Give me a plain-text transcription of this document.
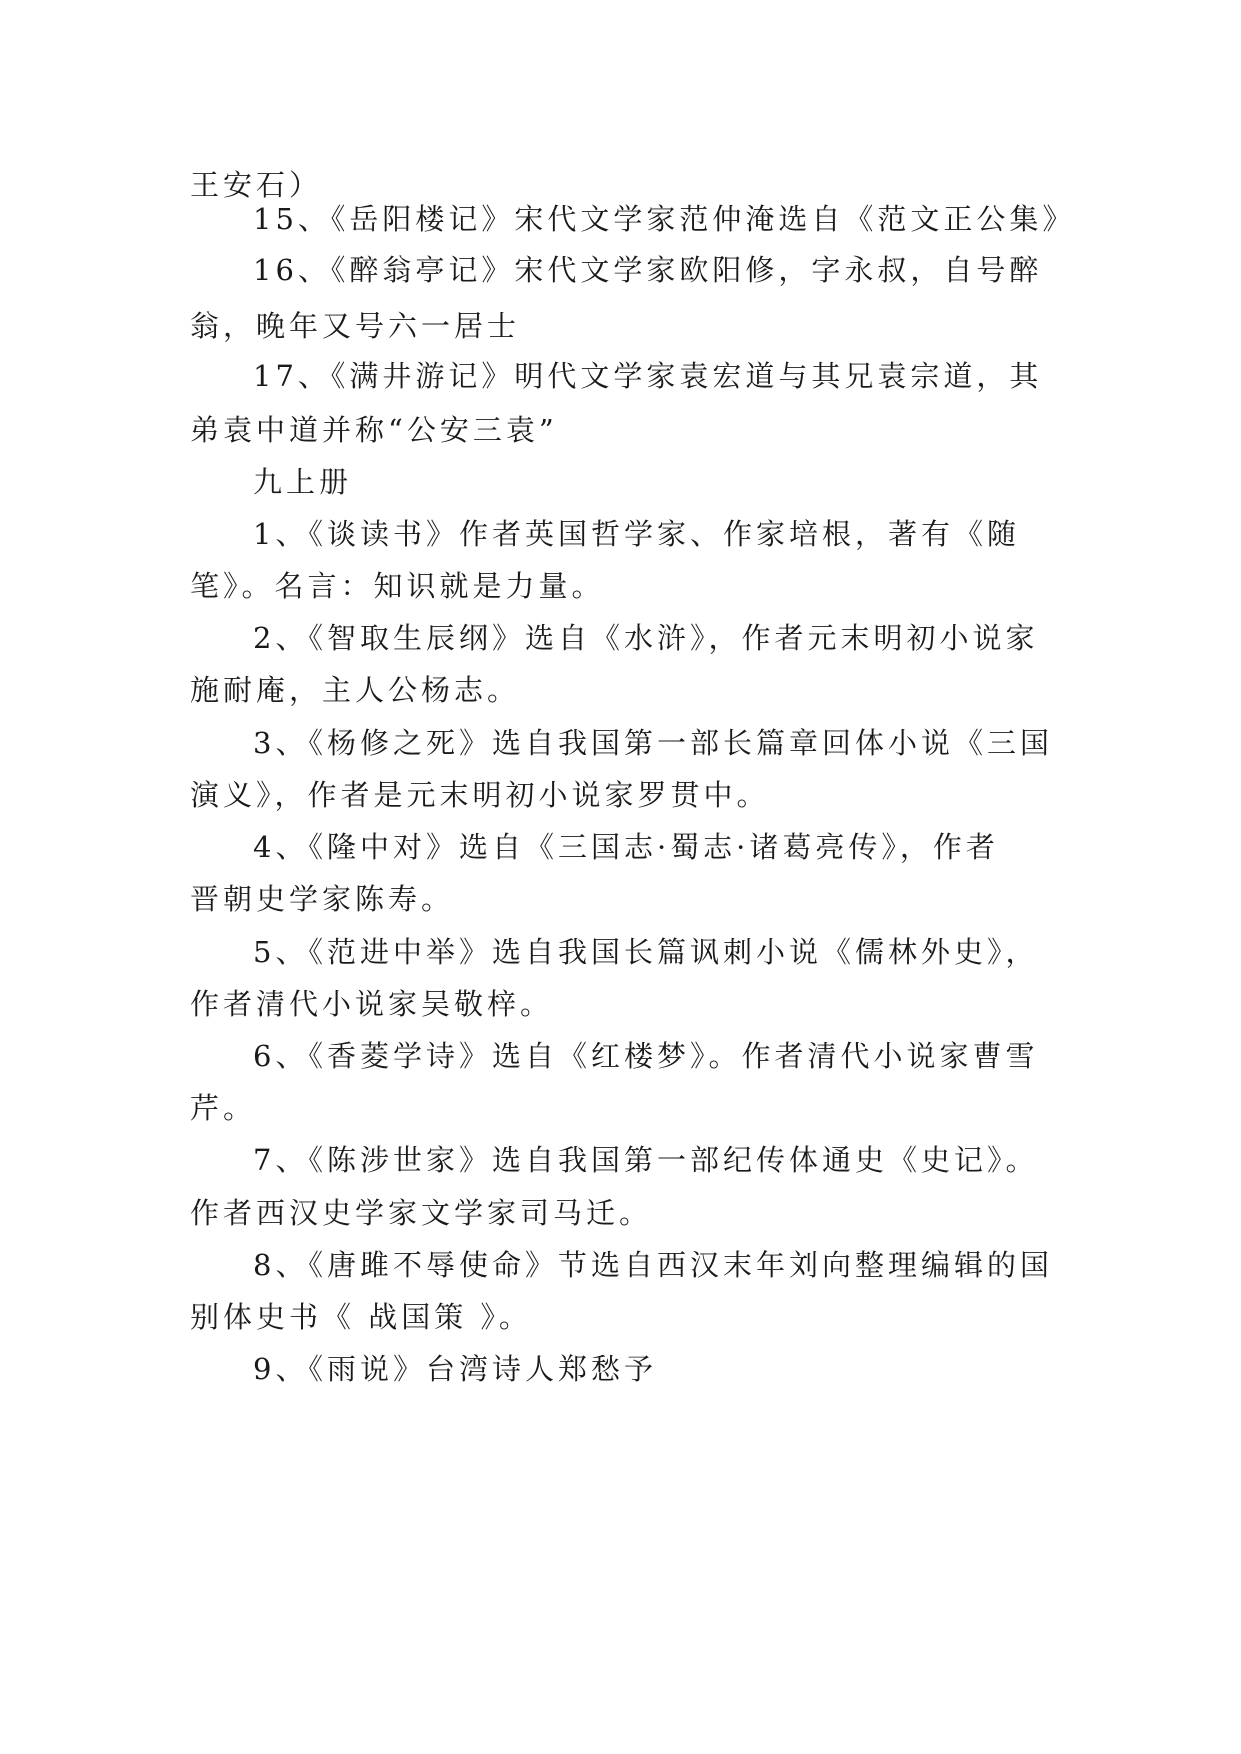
王安石）
15、《岳阳楼记》宋代文学家范仲淹选自《范文正公集》
16、《醉翁亭记》宋代文学家欧阳修，字永叔，自号醉
翁，晚年又号六一居士
17、《满井游记》明代文学家袁宏道与其兄袁宗道，其
弟袁中道并称“公安三袁”
九上册
1、《谈读书》作者英国哲学家、作家培根，著有《随
笔》。名言：知识就是力量。
2、《智取生辰纲》选自《水浒》，作者元末明初小说家
施耐庵，主人公杨志。
3、《杨修之死》选自我国第一部长篇章回体小说《三国
演义》，作者是元末明初小说家罗贯中。
4、《隆中对》选自《三国志·蜀志·诸葛亮传》，作者
晋朝史学家陈寿。
5、《范进中举》选自我国长篇讽刺小说《儒林外史》，
作者清代小说家吴敬梓。
6、《香菱学诗》选自《红楼梦》。作者清代小说家曹雪
芹。
7、《陈涉世家》选自我国第一部纪传体通史《史记》。
作者西汉史学家文学家司马迁。
8、《唐雎不辱使命》节选自西汉末年刘向整理编辑的国
别体史书《 战国策 》。
9、《雨说》台湾诗人郑愁予
